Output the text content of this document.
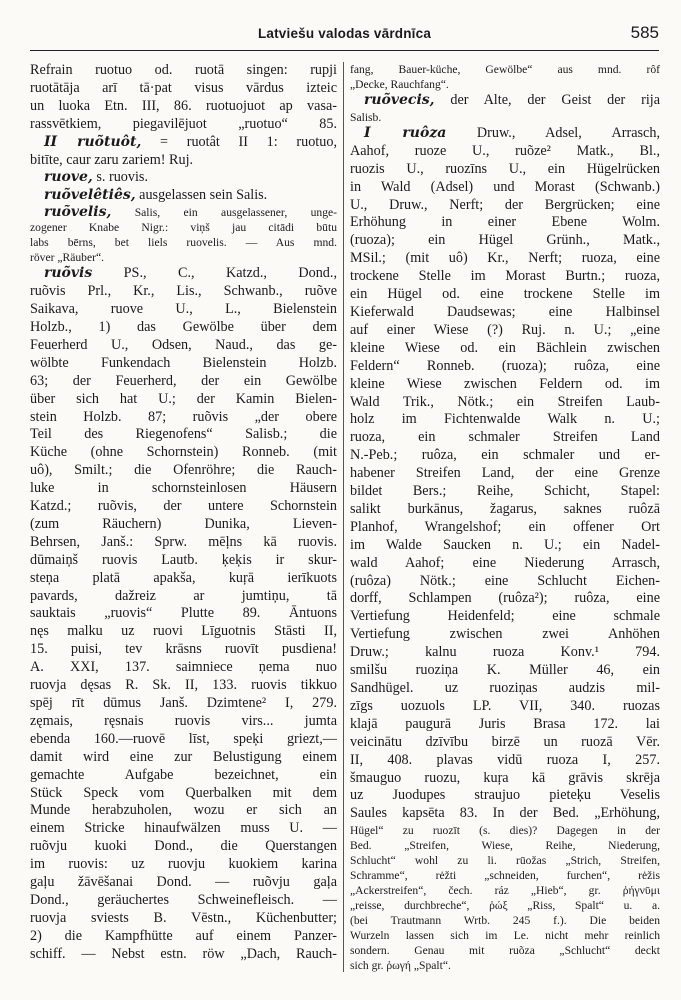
Latviešu valodas vārdnīca	585
Refrain ruotuo od. ruotā singen: rupji
ruotātāja arī tā·pat visus vārdus izteic
un luoka Etn. III, 86. ruotuojuot ap vasa-
rassvētkiem, piegavilējuot „ruotuo“ 85.
II ruõtuôt, = ruotât II 1: ruotuo,
bitīte, caur zaru zariem! Ruj.
ruove, s. ruovis.
ruõvelêtiês, ausgelassen sein Salis.
ruõvelis, Salis, ein ausgelassener, unge-
zogener Knabe Nigr.: viņš jau citādi būtu
labs bērns, bet liels ruovelis. — Aus mnd.
röver „Räuber“.
ruõvis PS., C., Katzd., Dond.,
ruõvis Prl., Kr., Lis., Schwanb., ruõve
Saikava, ruove U., L., Bielenstein
Holzb., 1) das Gewölbe über dem
Feuerherd U., Odsen, Naud., das ge-
wölbte Funkendach Bielenstein Holzb.
63; der Feuerherd, der ein Gewölbe
über sich hat U.; der Kamin Bielen-
stein Holzb. 87; ruõvis „der obere
Teil des Riegenofens“ Salisb.; die
Küche (ohne Schornstein) Ronneb. (mit
uô), Smilt.; die Ofenröhre; die Rauch-
luke in schornsteinlosen Häusern
Katzd.; ruõvis, der untere Schornstein
(zum Räuchern) Dunika, Lieven-
Behrsen, Janš.: Sprw. mēļns kā ruovis.
dūmaiņš ruovis Lautb. ķeķis ir skur-
steņa platā apakša, kuŗā ierīkuots
pavards, dažreiz ar jumtiņu, tā
sauktais „ruovis“ Plutte 89. Āntuons
nęs malku uz ruovi Līguotnis Stāsti II,
15. puisi, tev krāsns ruovīt pusdiena!
A. XXI, 137. saimniece ņema nuo
ruovja dęsas R. Sk. II, 133. ruovis tikkuo
spēj rīt dūmus Janš. Dzimtene² I, 279.
zęmais, ręsnais ruovis virs... jumta
ebenda 160.—ruovē līst, speķi griezt,—
damit wird eine zur Belustigung einem
gemachte Aufgabe bezeichnet, ein
Stück Speck vom Querbalken mit dem
Munde herabzuholen, wozu er sich an
einem Stricke hinaufwälzen muss U. —
ruõvju kuoki Dond., die Querstangen
im ruovis: uz ruovju kuokiem karina
gaļu žāvēšanai Dond. — ruõvju gaļa
Dond., geräuchertes Schweinefleisch. —
ruovja sviests B. Vēstn., Küchenbutter;
2) die Kampfhütte auf einem Panzer-
schiff. — Nebst estn. röw „Dach, Rauch-
fang, Bauer-küche, Gewölbe“ aus mnd. rôf
„Decke, Rauchfang“.
ruõvecis, der Alte, der Geist der rija
Salisb.
I ruôza Druw., Adsel, Arrasch,
Aahof, ruoze U., ruõze² Matk., Bl.,
ruozis U., ruozīns U., ein Hügelrücken
in Wald (Adsel) und Morast (Schwanb.)
U., Druw., Nerft; der Bergrücken; eine
Erhöhung in einer Ebene Wolm.
(ruoza); ein Hügel Grünh., Matk.,
MSil.; (mit uô) Kr., Nerft; ruoza, eine
trockene Stelle im Morast Burtn.; ruoza,
ein Hügel od. eine trockene Stelle im
Kieferwald Daudsewas; eine Halbinsel
auf einer Wiese (?) Ruj. n. U.; „eine
kleine Wiese od. ein Bächlein zwischen
Feldern“ Ronneb. (ruoza); ruôza, eine
kleine Wiese zwischen Feldern od. im
Wald Trik., Nötk.; ein Streifen Laub-
holz im Fichtenwalde Walk n. U.;
ruoza, ein schmaler Streifen Land
N.-Peb.; ruôza, ein schmaler und er-
habener Streifen Land, der eine Grenze
bildet Bers.; Reihe, Schicht, Stapel:
salikt burkānus, žagarus, saknes ruôzā
Planhof, Wrangelshof; ein offener Ort
im Walde Saucken n. U.; ein Nadel-
wald Aahof; eine Niederung Arrasch,
(ruôza) Nötk.; eine Schlucht Eichen-
dorff, Schlampen (ruôza²); ruôza, eine
Vertiefung Heidenfeld; eine schmale
Vertiefung zwischen zwei Anhöhen
Druw.; kalnu ruoza Konv.¹ 794.
smilšu ruoziņa K. Müller 46, ein
Sandhügel. uz ruoziņas audzis mil-
zīgs uozuols LP. VII, 340. ruozas
klajā paugurā Juris Brasa 172. lai
veicinātu dzīvību birzē un ruozā Vēr.
II, 408. plavas vidū ruoza I, 257.
šmauguo ruozu, kuŗa kā grāvis skrēja
uz Juodupes straujuo pieteķu Veselis
Saules kapsēta 83. In der Bed. „Erhöhung,
Hügel“ zu ruozīt (s. dies)? Dagegen in der
Bed. „Streifen, Wiese, Reihe, Niederung,
Schlucht“ wohl zu li. rūožas „Strich, Streifen,
Schramme“, rėžti „schneiden, furchen“, rėžis
„Ackerstreifen“, čech. ráz „Hieb“, gr. ῥήγνῡμι
„reisse, durchbreche“, ῥώξ „Riss, Spalt“ u. a.
(bei Trautmann Wrtb. 245 f.). Die beiden
Wurzeln lassen sich im Le. nicht mehr reinlich
sondern. Genau mit ruõza „Schlucht“ deckt
sich gr. ῥωγή „Spalt“.
